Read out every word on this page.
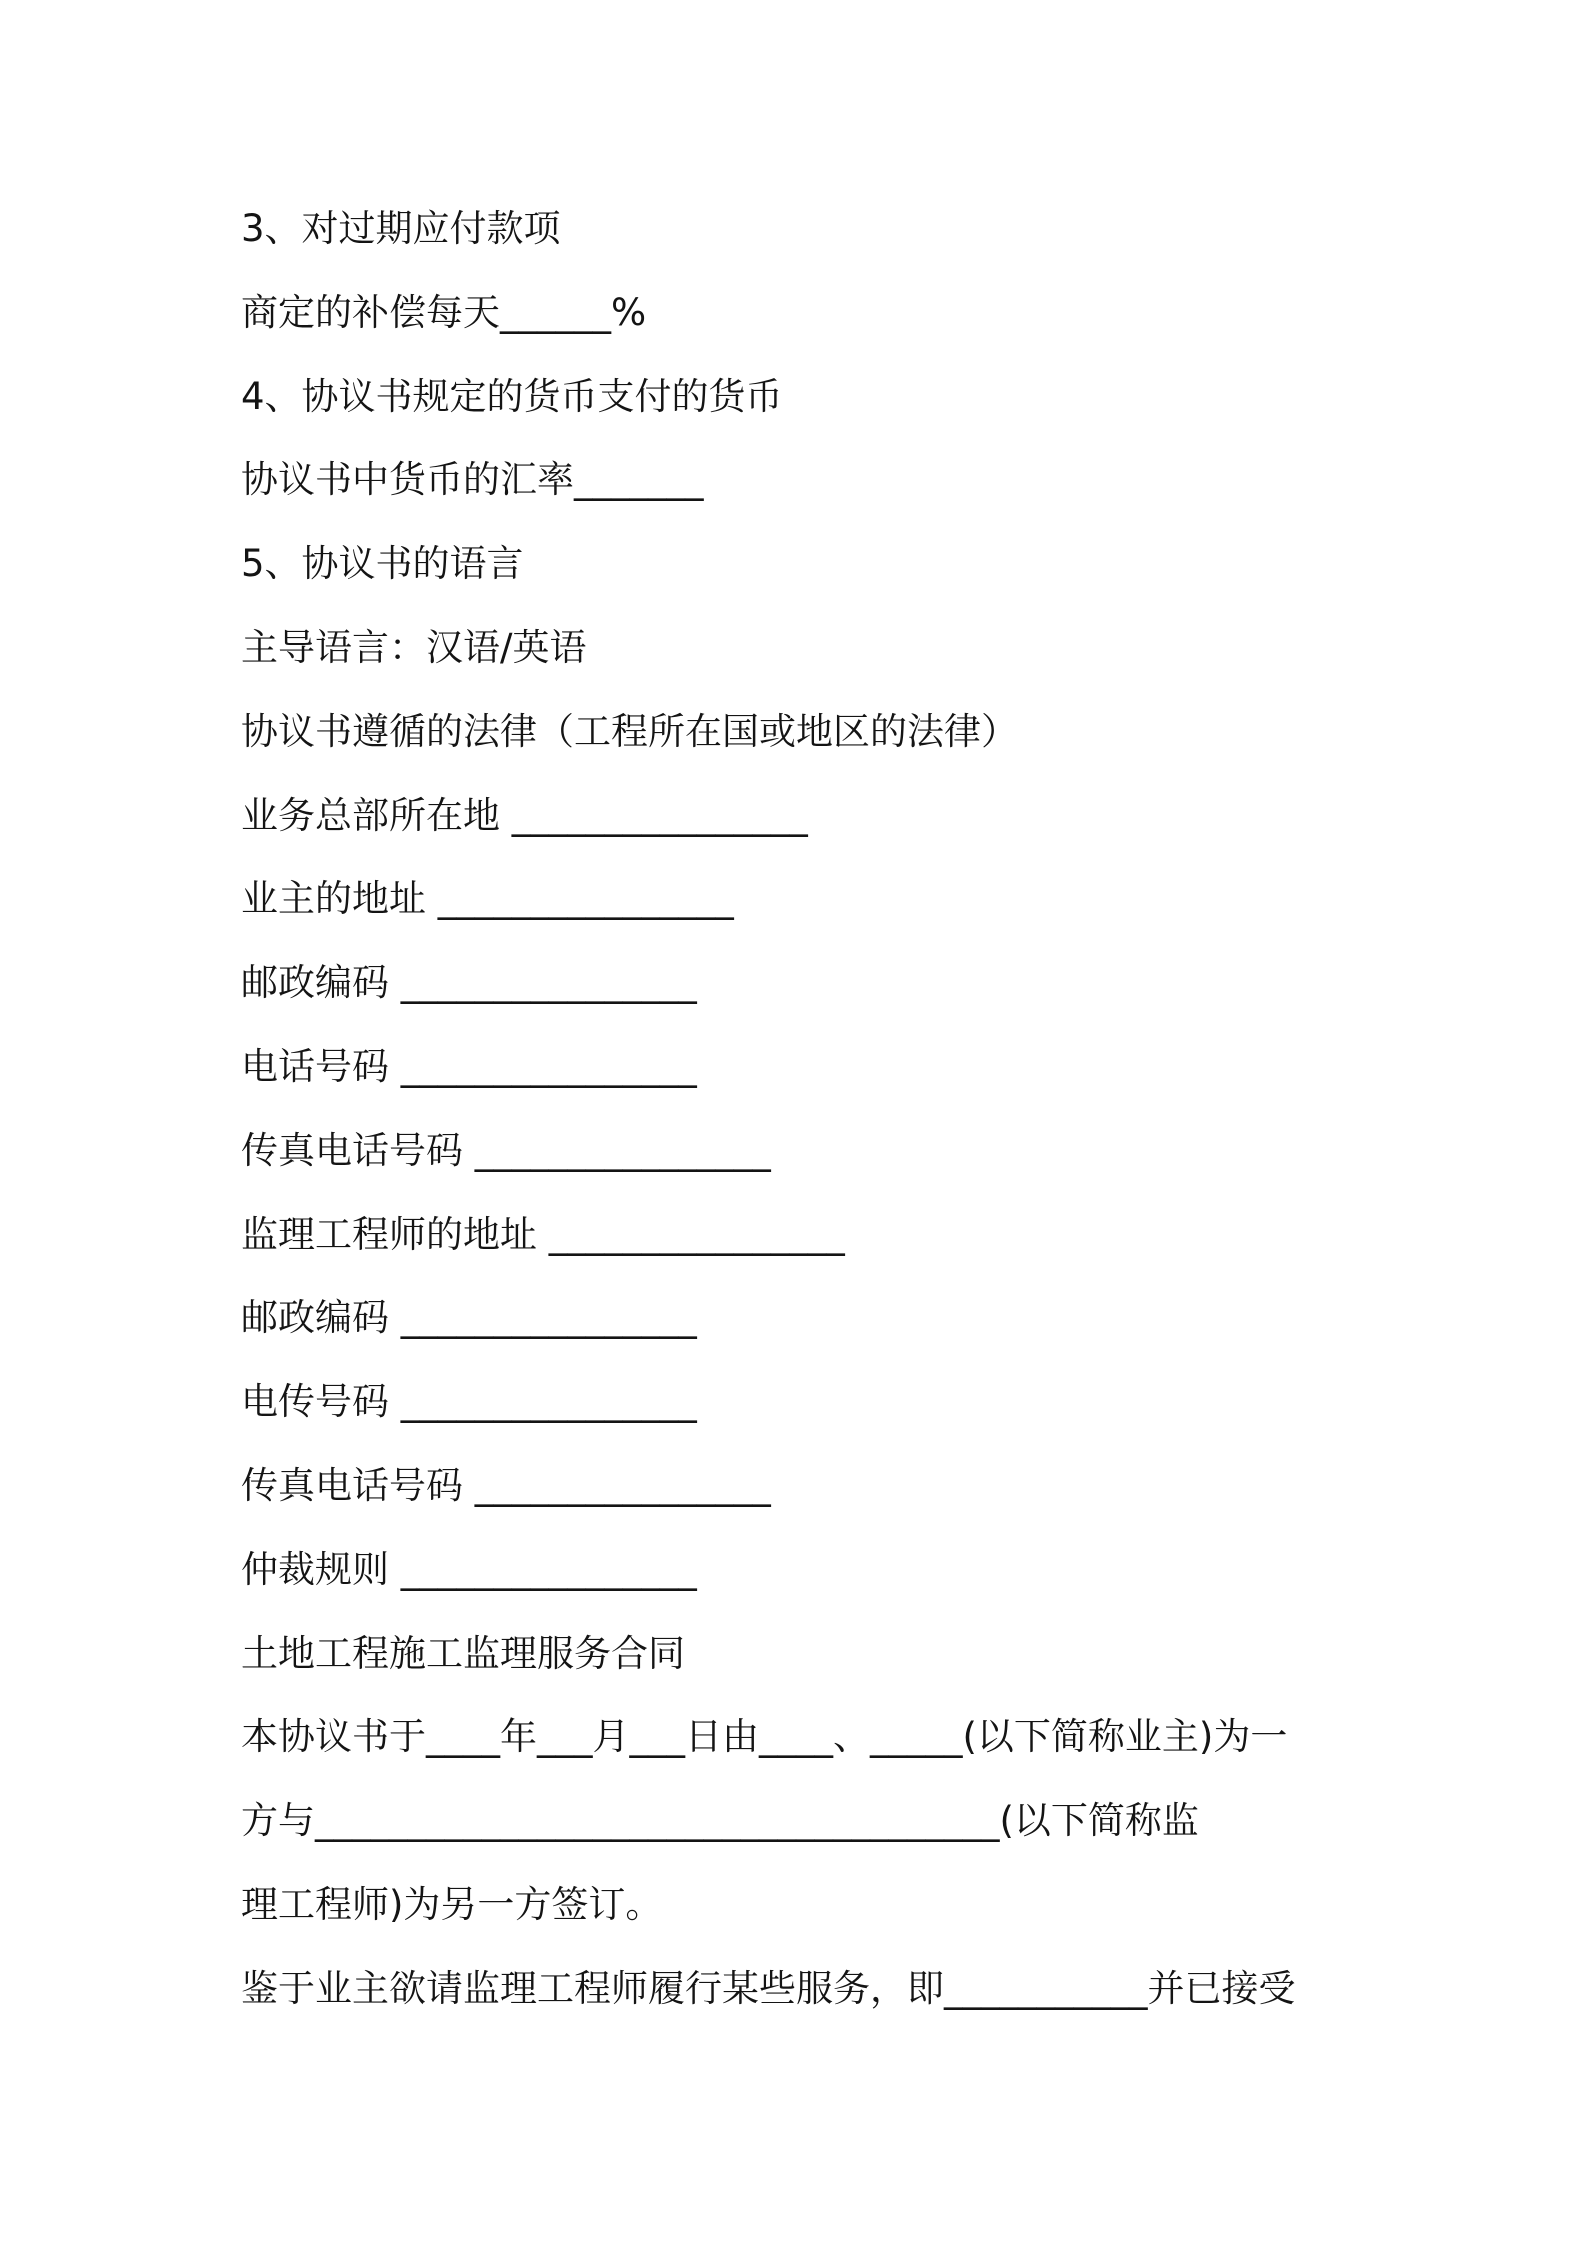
3、对过期应付款项

商定的补偿每天______%

4、协议书规定的货币支付的货币

协议书中货币的汇率_______

5、协议书的语言

主导语言：汉语/英语

协议书遵循的法律（工程所在国或地区的法律）

业务总部所在地 ________________

业主的地址 ________________

邮政编码 ________________

电话号码 ________________

传真电话号码 ________________

监理工程师的地址 ________________

邮政编码 ________________

电传号码 ________________

传真电话号码 ________________

仲裁规则 ________________

土地工程施工监理服务合同

本协议书于____年___月___日由____、_____(以下简称业主)为一

方与_____________________________________(以下简称监

理工程师)为另一方签订。

鉴于业主欲请监理工程师履行某些服务，即___________并已接受
